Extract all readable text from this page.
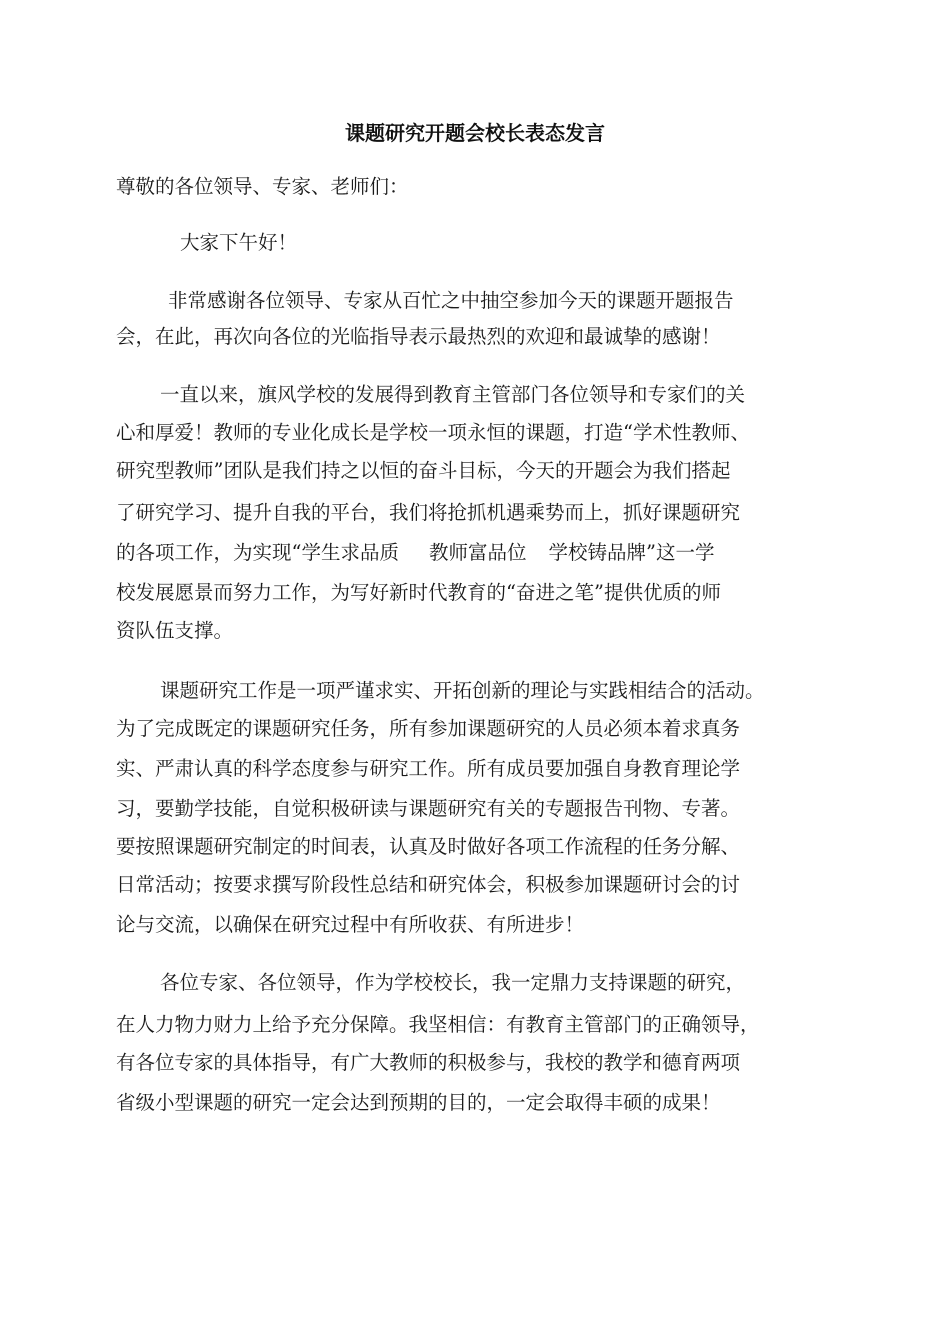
课题研究开题会校长表态发言
尊敬的各位领导、专家、老师们：
大家下午好！
非常感谢各位领导、专家从百忙之中抽空参加今天的课题开题报告
会，在此，再次向各位的光临指导表示最热烈的欢迎和最诚挚的感谢！
一直以来，旗风学校的发展得到教育主管部门各位领导和专家们的关
心和厚爱！教师的专业化成长是学校一项永恒的课题，打造“学术性教师、
研究型教师”团队是我们持之以恒的奋斗目标，今天的开题会为我们搭起
了研究学习、提升自我的平台，我们将抢抓机遇乘势而上，抓好课题研究
的各项工作，为实现“学生求品质 教师富品位 学校铸品牌”这一学
校发展愿景而努力工作，为写好新时代教育的“奋进之笔”提供优质的师
资队伍支撑。
课题研究工作是一项严谨求实、开拓创新的理论与实践相结合的活动。
为了完成既定的课题研究任务，所有参加课题研究的人员必须本着求真务
实、严肃认真的科学态度参与研究工作。所有成员要加强自身教育理论学
习，要勤学技能，自觉积极研读与课题研究有关的专题报告刊物、专著。
要按照课题研究制定的时间表，认真及时做好各项工作流程的任务分解、
日常活动；按要求撰写阶段性总结和研究体会，积极参加课题研讨会的讨
论与交流，以确保在研究过程中有所收获、有所进步！
各位专家、各位领导，作为学校校长，我一定鼎力支持课题的研究，
在人力物力财力上给予充分保障。我坚相信：有教育主管部门的正确领导，
有各位专家的具体指导，有广大教师的积极参与，我校的教学和德育两项
省级小型课题的研究一定会达到预期的目的，一定会取得丰硕的成果！
